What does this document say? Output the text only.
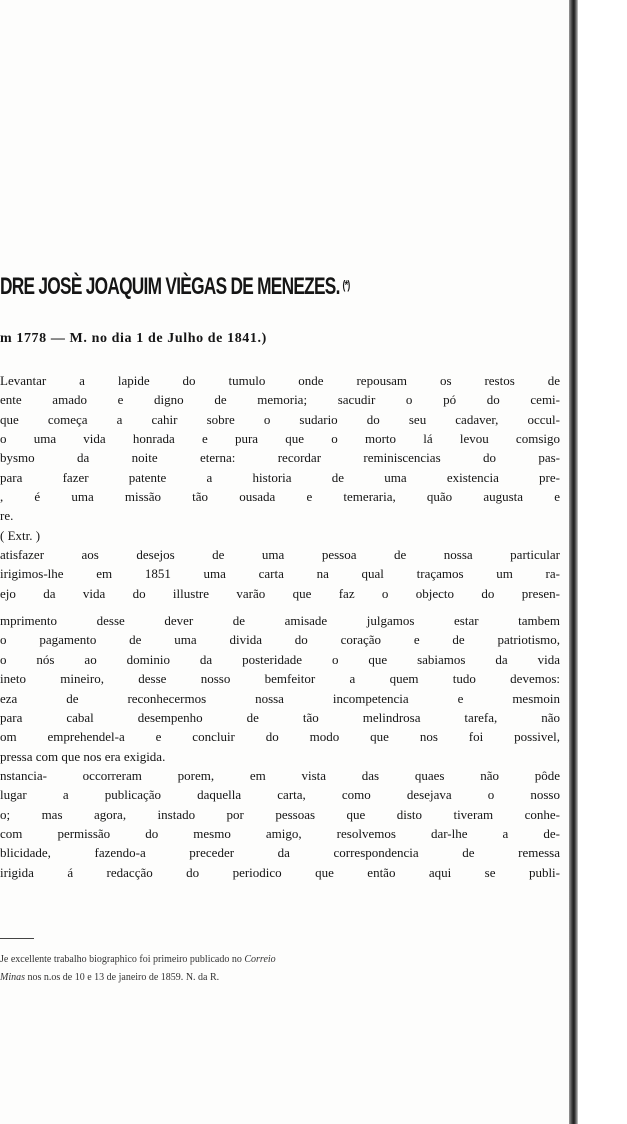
DRE JOSÈ JOAQUIM VIÈGAS DE MENEZES. (*)

m 1778 — M. no dia 1 de Julho de 1841.)

Levantar a lapide do tumulo onde repousam os restos de
ente amado e digno de memoria; sacudir o pó do cemi-
que começa a cahir sobre o sudario do seu cadaver, occul-
o uma vida honrada e pura que o morto lá levou comsigo
bysmo da noite eterna: recordar reminiscencias do pas-
para fazer patente a historia de uma existencia pre-
, é uma missão tão ousada e temeraria, quão augusta e
re.
( Extr. )
atisfazer aos desejos de uma pessoa de nossa particular
irigimos-lhe em 1851 uma carta na qual traçamos um ra-
ejo da vida do illustre varão que faz o objecto do presen-
mprimento desse dever de amisade julgamos estar tambem
o pagamento de uma divida do coração e de patriotismo,
o nós ao dominio da posteridade o que sabiamos da vida
ineto mineiro, desse nosso bemfeitor a quem tudo devemos:
eza de reconhecermos nossa incompetencia e mesmoin
para cabal desempenho de tão melindrosa tarefa, não
om emprehendel-a e concluir do modo que nos foi possivel,
pressa com que nos era exigida.
nstancia- occorreram porem, em vista das quaes não pôde
lugar a publicação daquella carta, como desejava o nosso
o; mas agora, instado por pessoas que disto tiveram conhe-
com permissão do mesmo amigo, resolvemos dar-lhe a de-
blicidade, fazendo-a preceder da correspondencia de remessa
irigida á redacção do periodico que então aqui se publi-
Je excellente trabalho biographico foi primeiro publicado no Correio
Minas nos n.os de 10 e 13 de janeiro de 1859. N. da R.
